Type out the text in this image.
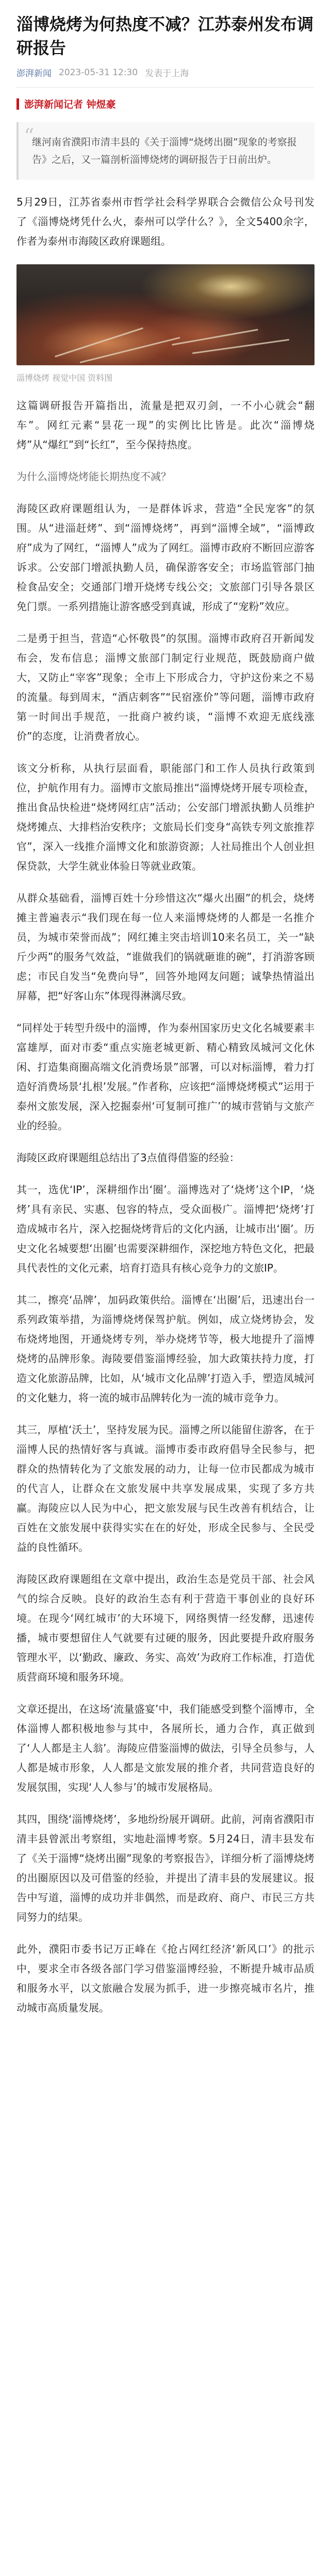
淄博烧烤为何热度不减？江苏泰州发布调研报告
澎湃新闻 2023-05-31 12:30 发表于上海
澎湃新闻记者 钟煜豪
“
继河南省濮阳市清丰县的《关于淄博“烧烤出圈”现象的考察报告》之后，又一篇剖析淄博烧烤的调研报告于日前出炉。

5月29日，江苏省泰州市哲学社会科学界联合会微信公众号刊发了《淄博烧烤凭什么火，泰州可以学什么？》，全文5400余字，作者为泰州市海陵区政府课题组。

淄博烧烤 视觉中国 资料图

这篇调研报告开篇指出，流量是把双刃剑，一不小心就会“翻车”。网红元素“昙花一现”的实例比比皆是。此次“淄博烧烤”从“爆红”到“长红”，至今保持热度。

为什么淄博烧烤能长期热度不减？

海陵区政府课题组认为，一是群体诉求，营造“全民宠客”的氛围。从“进淄赶烤”、到“淄博烧烤”，再到“淄博全域”，“淄博政府”成为了网红，“淄博人”成为了网红。淄博市政府不断回应游客诉求。公安部门增派执勤人员，确保游客安全；市场监管部门抽检食品安全；交通部门增开烧烤专线公交；文旅部门引导各景区免门票。一系列措施让游客感受到真诚，形成了“宠粉”效应。

二是勇于担当，营造“心怀敬畏”的氛围。淄博市政府召开新闻发布会，发布信息；淄博文旅部门制定行业规范，既鼓励商户做大，又防止“宰客”现象；全市上下形成合力，守护这份来之不易的流量。每到周末，“酒店刺客”“民宿涨价”等问题，淄博市政府第一时间出手规范，一批商户被约谈，“淄博不欢迎无底线涨价”的态度，让消费者放心。

该文分析称，从执行层面看，职能部门和工作人员执行政策到位，护航作用有力。淄博市文旅局推出“淄博烧烤开展专项检查，推出食品快检进“烧烤网红店”活动；公安部门增派执勤人员维护烧烤摊点、大排档治安秩序；文旅局长们变身“高铁专列文旅推荐官”，深入一线推介淄博文化和旅游资源；人社局推出个人创业担保贷款，大学生就业体验日等就业政策。

从群众基础看，淄博百姓十分珍惜这次“爆火出圈”的机会，烧烤摊主普遍表示“我们现在每一位人来淄博烧烤的人都是一名推介员，为城市荣誉而战”；网红摊主突击培训10来名员工，关一“缺斤少两”的服务气效益，“谁做我们的锅就砸谁的碗”，打消游客顾虑；市民自发当“免费向导”，回答外地网友问题；诚挚热情溢出屏幕，把“好客山东”体现得淋漓尽致。

“同样处于转型升级中的淄博，作为泰州国家历史文化名城要素丰富雄厚，面对市委“重点实施老城更新、精心精致凤城河文化休闲、打造集商圈高端文化消费场景”部署，可以对标淄博，着力打造好消费场景‘扎根’发展。”作者称，应该把“淄博烧烤模式”运用于泰州文旅发展，深入挖掘泰州‘可复制可推广’的城市营销与文旅产业的经验。

海陵区政府课题组总结出了3点值得借鉴的经验：

其一，选优‘IP’，深耕细作出‘圈’。淄博选对了‘烧烤’这个IP，‘烧烤’具有亲民、实惠、包容的特点，受众面极广。淄博把‘烧烤’打造成城市名片，深入挖掘烧烤背后的文化内涵，让城市出‘圈’。历史文化名城要想‘出圈’也需要深耕细作，深挖地方特色文化，把最具代表性的文化元素，培育打造具有核心竞争力的文旅IP。

其二，擦亮‘品牌’，加码政策供给。淄博在‘出圈’后，迅速出台一系列政策举措，为淄博烧烤保驾护航。例如，成立烧烤协会，发布烧烤地图，开通烧烤专列，举办烧烤节等，极大地提升了淄博烧烤的品牌形象。海陵要借鉴淄博经验，加大政策扶持力度，打造文化旅游品牌，比如，从‘城市文化品牌’打造入手，塑造凤城河的文化魅力，将一流的城市品牌转化为一流的城市竞争力。

其三，厚植‘沃土’，坚持发展为民。淄博之所以能留住游客，在于淄博人民的热情好客与真诚。淄博市委市政府倡导全民参与，把群众的热情转化为了文旅发展的动力，让每一位市民都成为城市的代言人，让群众在文旅发展中共享发展成果，实现了多方共赢。海陵应以人民为中心，把文旅发展与民生改善有机结合，让百姓在文旅发展中获得实实在在的好处，形成全民参与、全民受益的良性循环。

海陵区政府课题组在文章中提出，政治生态是党员干部、社会风气的综合反映。良好的政治生态有利于营造干事创业的良好环境。在现今‘网红城市’的大环境下，网络舆情一经发酵，迅速传播，城市要想留住人气就要有过硬的服务，因此要提升政府服务管理水平，以‘勤政、廉政、务实、高效’为政府工作标准，打造优质营商环境和服务环境。

文章还提出，在这场‘流量盛宴’中，我们能感受到整个淄博市，全体淄博人都积极地参与其中，各展所长，通力合作，真正做到了‘人人都是主人翁’。海陵应借鉴淄博的做法，引导全员参与，人人都是城市形象，人人都是文旅发展的推介者，共同营造良好的发展氛围，实现‘人人参与’的城市发展格局。

其四，围绕‘淄博烧烤’，多地纷纷展开调研。此前，河南省濮阳市清丰县曾派出考察组，实地赴淄博考察。5月24日，清丰县发布了《关于淄博“烧烤出圈”现象的考察报告》，详细分析了淄博烧烤的出圈原因以及可借鉴的经验，并提出了清丰县的发展建议。报告中写道，淄博的成功并非偶然，而是政府、商户、市民三方共同努力的结果。

此外，濮阳市委书记万正峰在《抢占网红经济‘新风口’》的批示中，要求全市各级各部门学习借鉴淄博经验，不断提升城市品质和服务水平，以文旅融合发展为抓手，进一步擦亮城市名片，推动城市高质量发展。
